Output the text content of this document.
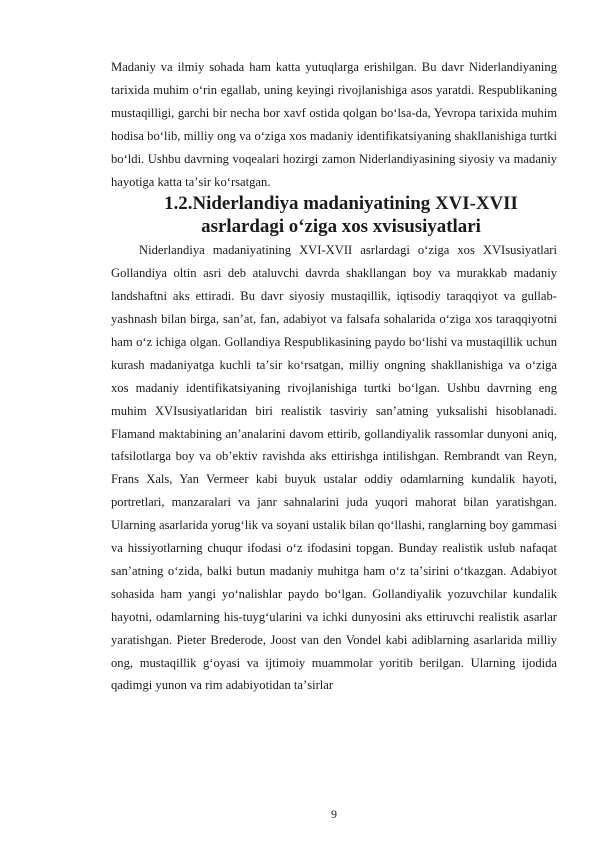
Madaniy va ilmiy sohada ham katta yutuqlarga erishilgan. Bu davr Niderlandiyaning tarixida muhim oʻrin egallab, uning keyingi rivojlanishiga asos yaratdi. Respublikaning mustaqilligi, garchi bir necha bor xavf ostida qolgan boʻlsa-da, Yevropa tarixida muhim hodisa boʻlib, milliy ong va oʻziga xos madaniy identifikatsiyaning shakllanishiga turtki boʻldi. Ushbu davrning voqealari hozirgi zamon Niderlandiyasining siyosiy va madaniy hayotiga katta taʼsir koʻrsatgan.

1.2.Niderlandiya madaniyatining XVI-XVII asrlardagi oʻziga xos xvisusiyatlari

Niderlandiya madaniyatining XVI-XVII asrlardagi oʻziga xos XVIsusiyatlari Gollandiya oltin asri deb ataluvchi davrda shakllangan boy va murakkab madaniy landshaftni aks ettiradi. Bu davr siyosiy mustaqillik, iqtisodiy taraqqiyot va gullab-yashnash bilan birga, sanʼat, fan, adabiyot va falsafa sohalarida oʻziga xos taraqqiyotni ham oʻz ichiga olgan. Gollandiya Respublikasining paydo boʻlishi va mustaqillik uchun kurash madaniyatga kuchli taʼsir koʻrsatgan, milliy ongning shakllanishiga va oʻziga xos madaniy identifikatsiyaning rivojlanishiga turtki boʻlgan. Ushbu davrning eng muhim XVIsusiyatlaridan biri realistik tasviriy sanʼatning yuksalishi hisoblanadi. Flamand maktabining anʼanalarini davom ettirib, gollandiyalik rassomlar dunyoni aniq, tafsilotlarga boy va obʼektiv ravishda aks ettirishga intilishgan. Rembrandt van Reyn, Frans Xals, Yan Vermeer kabi buyuk ustalar oddiy odamlarning kundalik hayoti, portretlari, manzaralari va janr sahnalarini juda yuqori mahorat bilan yaratishgan. Ularning asarlarida yorugʻlik va soyani ustalik bilan qoʻllashi, ranglarning boy gammasi va hissiyotlarning chuqur ifodasi oʻz ifodasini topgan. Bunday realistik uslub nafaqat sanʼatning oʻzida, balki butun madaniy muhitga ham oʻz taʼsirini oʻtkazgan. Adabiyot sohasida ham yangi yoʻnalishlar paydo boʻlgan. Gollandiyalik yozuvchilar kundalik hayotni, odamlarning his-tuygʻularini va ichki dunyosini aks ettiruvchi realistik asarlar yaratishgan. Pieter Brederode, Joost van den Vondel kabi adiblarning asarlarida milliy ong, mustaqillik gʻoyasi va ijtimoiy muammolar yoritib berilgan. Ularning ijodida qadimgi yunon va rim adabiyotidan taʼsirlar

9
